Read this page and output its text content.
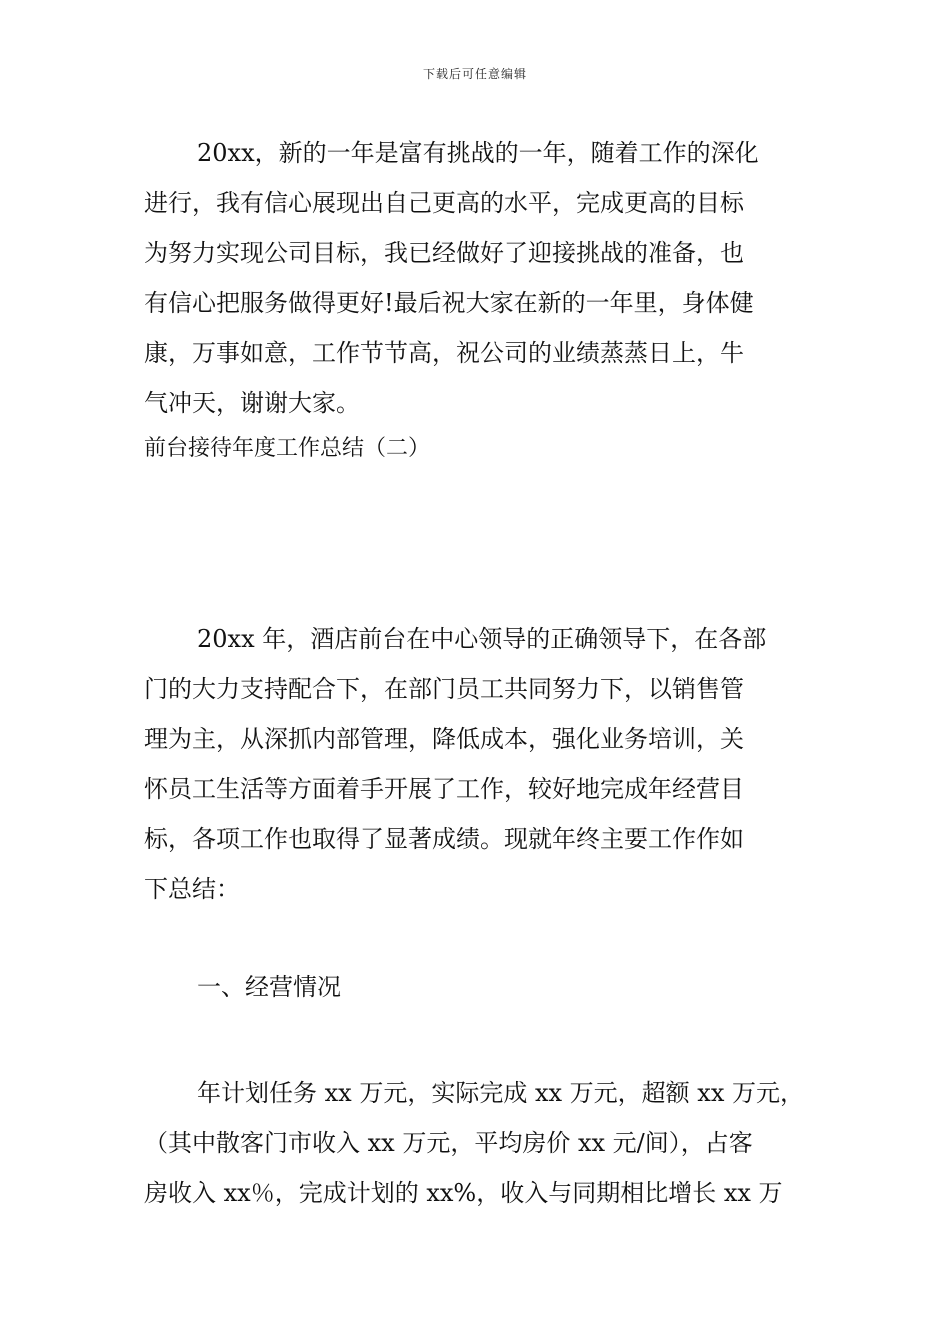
下载后可任意编辑
20xx，新的一年是富有挑战的一年，随着工作的深化
进行，我有信心展现出自己更高的水平，完成更高的目标
为努力实现公司目标，我已经做好了迎接挑战的准备，也
有信心把服务做得更好!最后祝大家在新的一年里，身体健
康，万事如意，工作节节高，祝公司的业绩蒸蒸日上，牛
气冲天，谢谢大家。
前台接待年度工作总结（二）
20xx 年，酒店前台在中心领导的正确领导下，在各部
门的大力支持配合下，在部门员工共同努力下，以销售管
理为主，从深抓内部管理，降低成本，强化业务培训，关
怀员工生活等方面着手开展了工作，较好地完成年经营目
标，各项工作也取得了显著成绩。现就年终主要工作作如
下总结：
一、经营情况
年计划任务 xx 万元，实际完成 xx 万元，超额 xx 万元，
（其中散客门市收入 xx 万元，平均房价 xx 元/间），占客
房收入 xx％，完成计划的 xx%，收入与同期相比增长 xx 万
